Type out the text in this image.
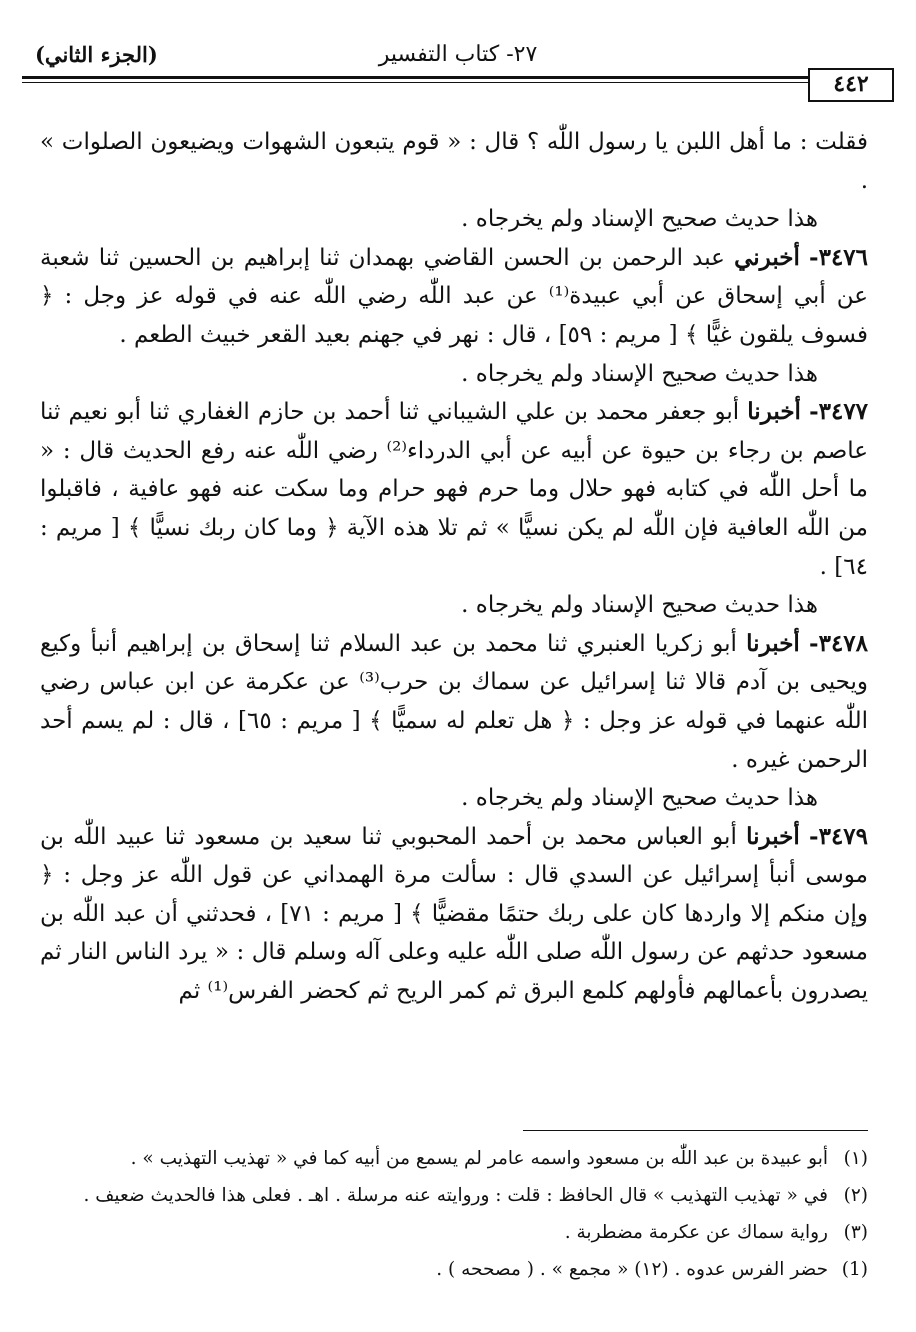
(الجزء الثاني)	٢٧- كتاب التفسير
٤٤٢

فقلت : ما أهل اللبن يا رسول اللّٰه ؟ قال : « قوم يتبعون الشهوات ويضيعون الصلوات » .

هذا حديث صحيح الإسناد ولم يخرجاه .

٣٤٧٦- أخبرني عبد الرحمن بن الحسن القاضي بهمدان ثنا إبراهيم بن الحسين ثنا شعبة عن أبي إسحاق عن أبي عبيدة⁽¹⁾ عن عبد اللّٰه رضي اللّٰه عنه في قوله عز وجل : ﴿ فسوف يلقون غيًّا ﴾ [ مريم : ٥٩] ، قال : نهر في جهنم بعيد القعر خبيث الطعم .

هذا حديث صحيح الإسناد ولم يخرجاه .

٣٤٧٧- أخبرنا أبو جعفر محمد بن علي الشيباني ثنا أحمد بن حازم الغفاري ثنا أبو نعيم ثنا عاصم بن رجاء بن حيوة عن أبيه عن أبي الدرداء⁽²⁾ رضي اللّٰه عنه رفع الحديث قال : « ما أحل اللّٰه في كتابه فهو حلال وما حرم فهو حرام وما سكت عنه فهو عافية ، فاقبلوا من اللّٰه العافية فإن اللّٰه لم يكن نسيًّا » ثم تلا هذه الآية ﴿ وما كان ربك نسيًّا ﴾ [ مريم : ٦٤] .

هذا حديث صحيح الإسناد ولم يخرجاه .

٣٤٧٨- أخبرنا أبو زكريا العنبري ثنا محمد بن عبد السلام ثنا إسحاق بن إبراهيم أنبأ وكيع ويحيى بن آدم قالا ثنا إسرائيل عن سماك بن حرب⁽³⁾ عن عكرمة عن ابن عباس رضي اللّٰه عنهما في قوله عز وجل : ﴿ هل تعلم له سميًّا ﴾ [ مريم : ٦٥] ، قال : لم يسم أحد الرحمن غيره .

هذا حديث صحيح الإسناد ولم يخرجاه .

٣٤٧٩- أخبرنا أبو العباس محمد بن أحمد المحبوبي ثنا سعيد بن مسعود ثنا عبيد اللّٰه بن موسى أنبأ إسرائيل عن السدي قال : سألت مرة الهمداني عن قول اللّٰه عز وجل : ﴿ وإن منكم إلا واردها كان على ربك حتمًا مقضيًّا ﴾ [ مريم : ٧١] ، فحدثني أن عبد اللّٰه بن مسعود حدثهم عن رسول اللّٰه صلى اللّٰه عليه وعلى آله وسلم قال : « يرد الناس النار ثم يصدرون بأعمالهم فأولهم كلمع البرق ثم كمر الريح ثم كحضر الفرس⁽¹⁾ ثم

(١)أبو عبيدة بن عبد اللّٰه بن مسعود واسمه عامر لم يسمع من أبيه كما في « تهذيب التهذيب » .

(٢)في « تهذيب التهذيب » قال الحافظ : قلت : وروايته عنه مرسلة . اهـ . فعلى هذا فالحديث ضعيف .

(٣)رواية سماك عن عكرمة مضطربة .

(1)حضر الفرس عدوه . (١٢) « مجمع » . ( مصححه ) .
